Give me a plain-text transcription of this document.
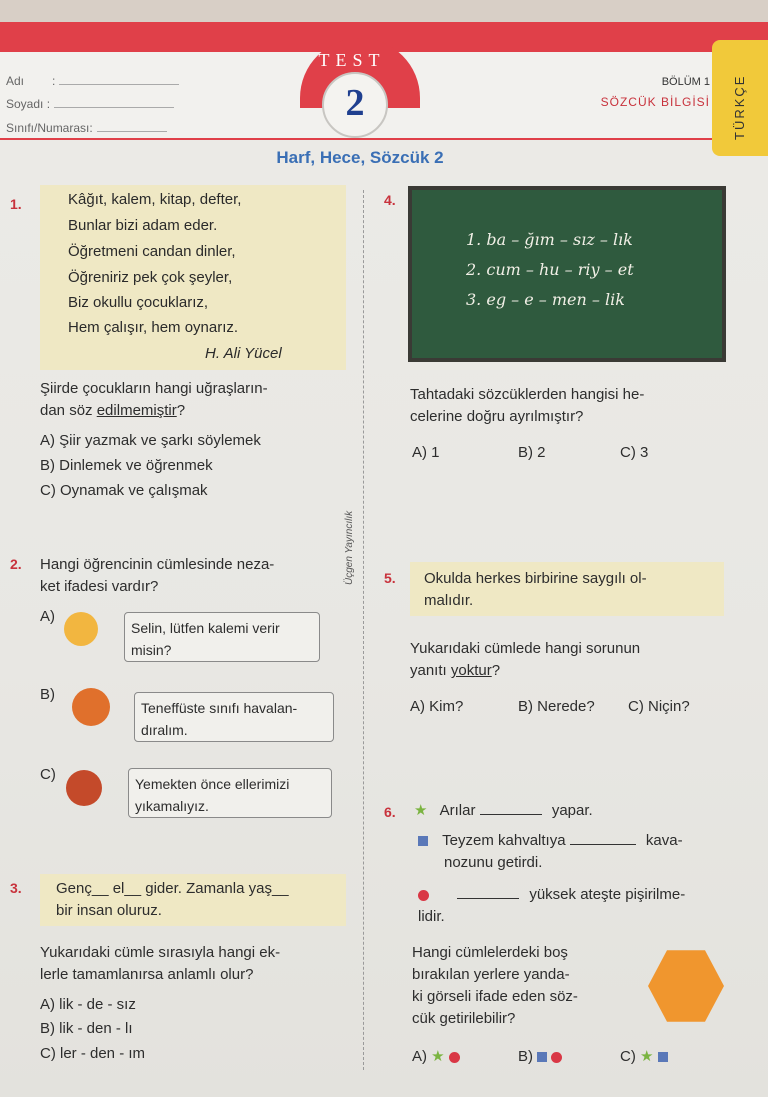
TEST
2
Adı :
Soyadı :
Sınıfı/Numarası:
BÖLÜM 1
SÖZCÜK BİLGİSİ TÜRKÇE
Harf, Hece, Sözcük 2
Üçgen Yayıncılık
1.	Kâğıt, kalem, kitap, defter,
Bunlar bizi adam eder.
Öğretmeni candan dinler,
Öğreniriz pek çok şeyler,
Biz okullu çocuklarız,
Hem çalışır, hem oynarız.
H. Ali Yücel
Şiirde çocukların hangi uğraşların-
dan söz edilmemiştir?
A) Şiir yazmak ve şarkı söylemek
B) Dinlemek ve öğrenmek
C) Oynamak ve çalışmak
2. Hangi öğrencinin cümlesinde neza-
ket ifadesi vardır?
A)
Selin, lütfen kalemi verir
misin?
B)
Teneffüste sınıfı havalan-
dıralım.
C)
Yemekten önce ellerimizi
yıkamalıyız.
3. Genç__ el__ gider. Zamanla yaş__
bir insan oluruz.
Yukarıdaki cümle sırasıyla hangi ek-
lerle tamamlanırsa anlamlı olur?
A) lik - de - sız
B) lik - den - lı
C) ler - den - ım
4.
1. ba – ğım – sız – lık
2. cum – hu – riy – et
3. eg – e – men – lik
Tahtadaki sözcüklerden hangisi he-
celerine doğru ayrılmıştır?
A) 1	B) 2	C) 3
5. Okulda herkes birbirine saygılı ol-
malıdır.
Yukarıdaki cümlede hangi sorunun
yanıtı yoktur?
A) Kim?	B) Nerede? C) Niçin?
6. ★ Arılar	yapar.
Teyzem kahvaltıya	kava-
nozunu getirdi.
yüksek ateşte pişirilme-
lidir.
Hangi cümlelerdeki boş
bırakılan yerlere yanda-
ki görseli ifade eden söz-
cük getirilebilir?
A) ★	B)	C) ★
